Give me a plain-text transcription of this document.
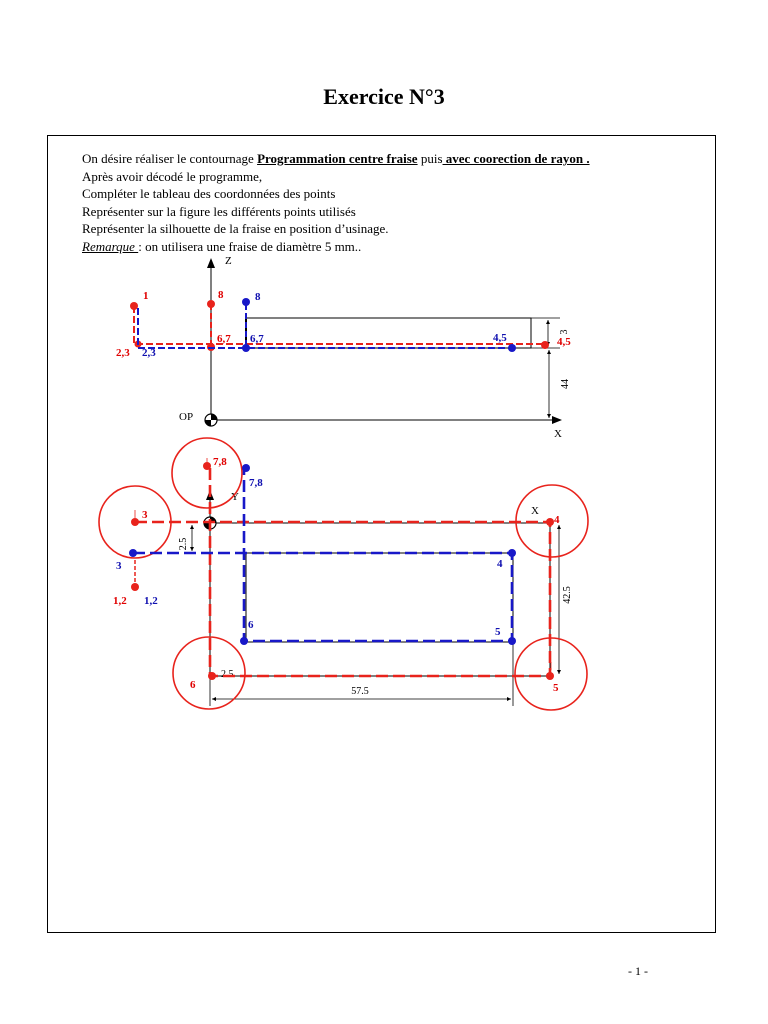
Exercice N°3

On désire réaliser le contournage Programmation centre fraise puis avec coorection de rayon .

Après avoir décodé le programme,

Compléter le tableau des coordonnées des points

Représenter sur la figure les différents points utilisés

Représenter la silhouette de la fraise en position d’usinage.

Remarque : on utilisera une fraise de diamètre 5 mm..

Z
X
OP
3
44
1	8	8
2,3 2,3
6,7 6,7	4,5	4,5
Y
X
2.5
42.5
2.5
57.5
7,8
7,8
3
3
1,2 1,2
4
4
5
5
6
6
- 1 -
